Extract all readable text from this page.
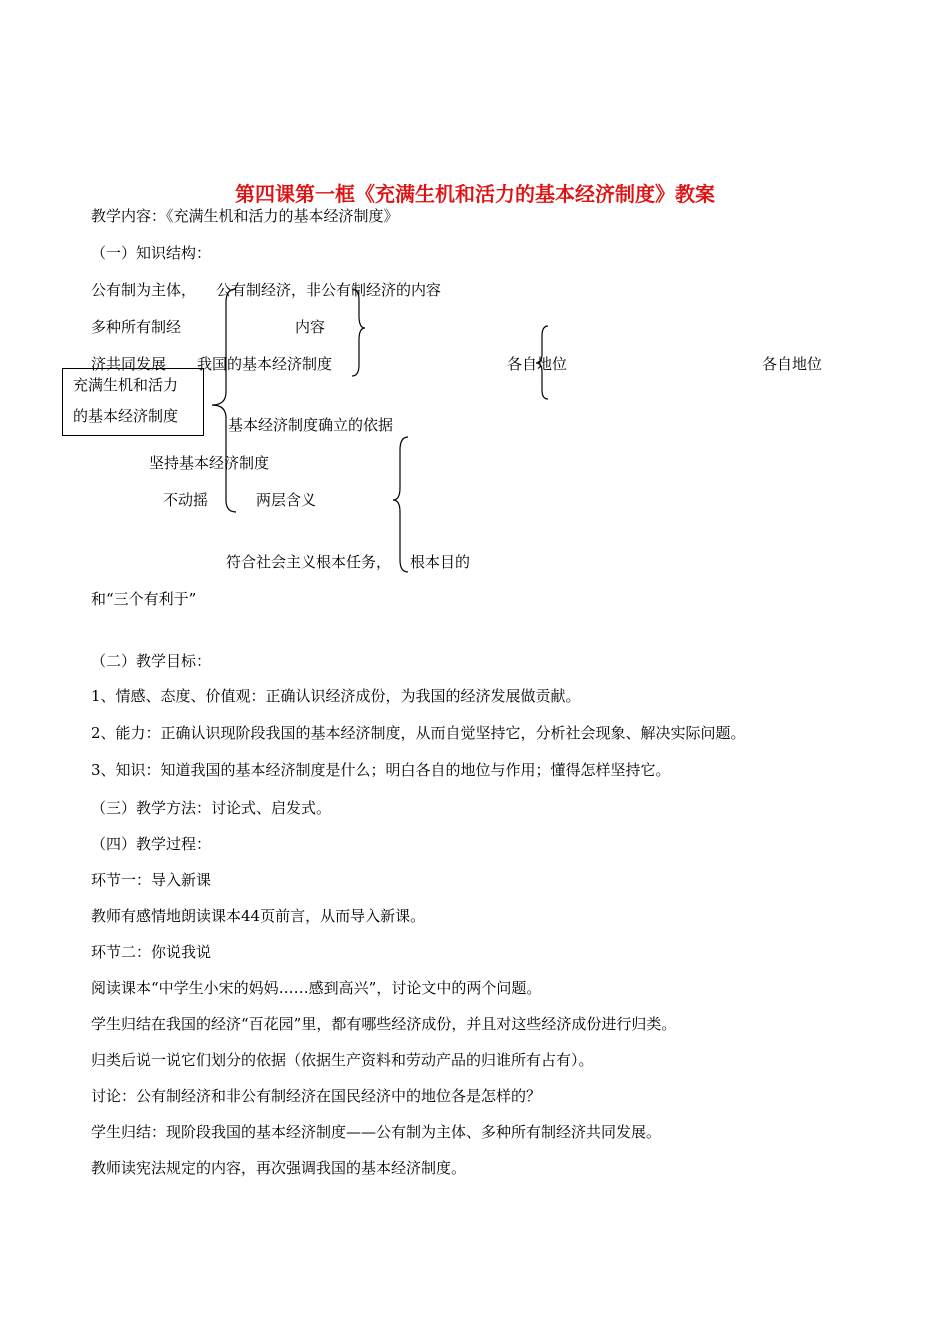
第四课第一框《充满生机和活力的基本经济制度》教案
教学内容：《充满生机和活力的基本经济制度》
（一）知识结构：
公有制为主体， 公有制经济，非公有制经济的内容
多种所有制经	内容
济共同发展 我国的基本经济制度	各自地位	各自地位
充满生机和活力
的基本经济制度	基本经济制度确立的依据
坚持基本经济制度
不动摇	两层含义
符合社会主义根本任务， 根本目的
和“三个有利于”
（二）教学目标：
1、情感、态度、价值观：正确认识经济成份，为我国的经济发展做贡献。
2、能力：正确认识现阶段我国的基本经济制度，从而自觉坚持它，分析社会现象、解决实际问题。
3、知识：知道我国的基本经济制度是什么；明白各自的地位与作用；懂得怎样坚持它。
（三）教学方法：讨论式、启发式。
（四）教学过程：
环节一：导入新课
教师有感情地朗读课本44页前言，从而导入新课。
环节二：你说我说
阅读课本“中学生小宋的妈妈……感到高兴”，讨论文中的两个问题。
学生归结在我国的经济“百花园”里，都有哪些经济成份，并且对这些经济成份进行归类。
归类后说一说它们划分的依据（依据生产资料和劳动产品的归谁所有占有）。
讨论：公有制经济和非公有制经济在国民经济中的地位各是怎样的？
学生归结：现阶段我国的基本经济制度——公有制为主体、多种所有制经济共同发展。
教师读宪法规定的内容，再次强调我国的基本经济制度。
